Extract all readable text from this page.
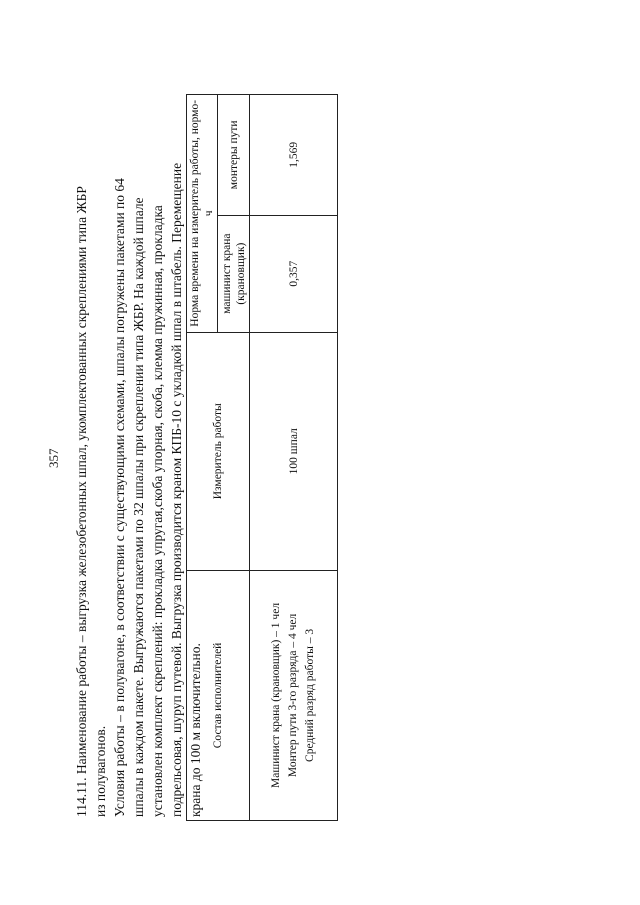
357 114.11. Наименование работы – выгрузка железобетонных шпал, укомплектованных скреплениями типа ЖБР из полувагонов. Условия работы – в полувагоне, в соответствии с существующими схемами, шпалы погружены пакетами по 64 шпалы в каждом пакете. Выгружаются пакетами по 32 шпалы при скреплении типа ЖБР. На каждой шпале установлен комплект скреплений: прокладка упругая,скоба упорная, скоба, клемма пружинная, прокладка подрельсовая, шуруп путевой. Выгрузка производится краном КПБ-10 с укладкой шпал в штабель. Перемещение крана до 100 м включительно. Состав исполнителей	Измеритель работы	Норма времени на измеритель работы, нормо-ч	
		машинист крана (крановщик)	монтеры пути

Машинист крана (крановщик) – 1 чел Монтер пути 3-го разряда – 4 чел Средний разряд работы – 3	100 шпал	0,357	1,569
